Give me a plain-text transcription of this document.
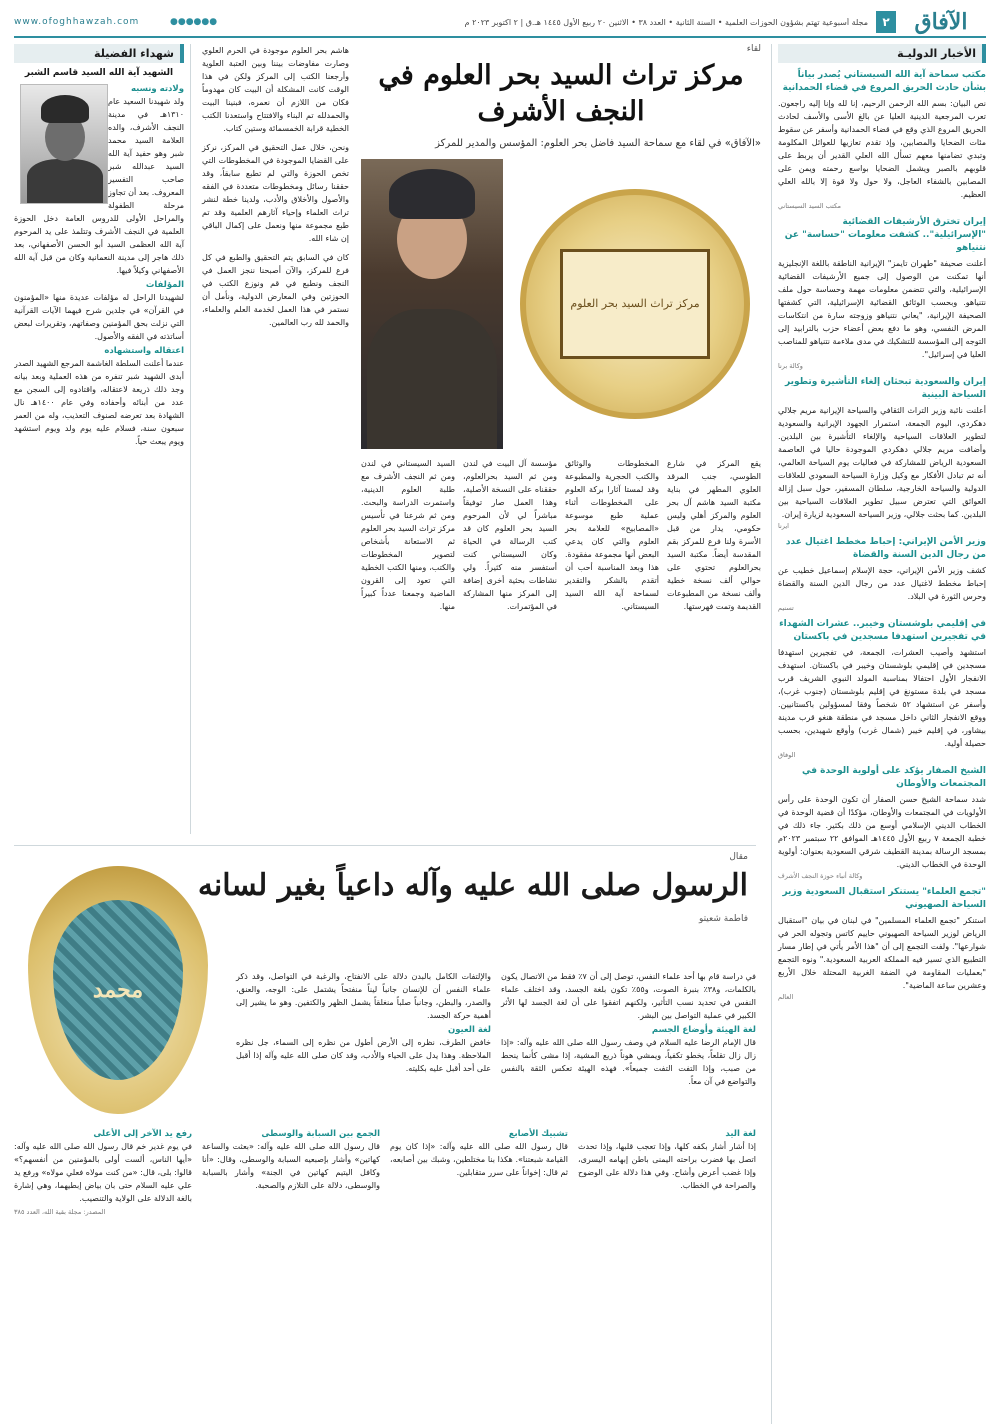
الآفاق
٢
مجلة أسبوعية تهتم بشؤون الحوزات العلمية • السنة الثانية • العدد ٣٨ • الاثنين ٢٠ ربيع الأول ١٤٤٥ هـ.ق | ٢ اكتوبر ٢٠٢٣ م
●●●●●●
www.ofoghhawzah.com
الأخبار الدوليـة
مكتب سماحة آية الله السيستاني يُصدر بياناً بشأن حادث الحريق المروع في قضاء الحمدانية

نص البيان: بسم الله الرحمن الرحيم، إنا لله وإنا إليه راجعون. تعرب المرجعية الدينية العليا عن بالغ الأسى والأسف لحادث الحريق المروع الذي وقع في قضاء الحمدانية وأسفر عن سقوط مئات الضحايا والمصابين، وإذ تقدم تعازيها للعوائل المكلومة وتبدي تضامنها معهم تسأل الله العلي القدير أن يربط على قلوبهم بالصبر ويشمل الضحايا بواسع رحمته ويمن على المصابين بالشفاء العاجل، ولا حول ولا قوة إلا بالله العلي العظيم.

مكتب السيد السيستاني
إيران تخترق الأرشيفات القضائية "الإسرائيلية".. كشفت معلومات "حساسة" عن نتنياهو

أعلنت صحيفة "طهران تايمز" الإيرانية الناطقة باللغة الإنجليزية أنها تمكنت من الوصول إلى جميع الأرشيفات القضائية الإسرائيلية، والتي تتضمن معلومات مهمة وحساسة حول ملف نتنياهو. وبحسب الوثائق القضائية الإسرائيلية، التي كشفتها الصحيفة الإيرانية، "يعاني نتنياهو وزوجته سارة من انتكاسات المرض النفسي، وهو ما دفع بعض أعضاء حزب بالترابيد إلى التوجه إلى المؤسسة للتشكيك في مدى ملاءمة نتنياهو للمناصب العليا في إسرائيل".

وكالة برنا
إيران والسعودية تبحثان إلغاء التأشيرة وتطوير السياحة البينية

أعلنت نائبة وزير التراث الثقافي والسياحة الإيرانية مريم جلالي دهكردي، اليوم الجمعة، استمرار الجهود الإيرانية والسعودية لتطوير العلاقات السياحية والإلغاء التأشيرة بين البلدين. وأضافت مريم جلالي دهكردي الموجودة حاليا في العاصمة السعودية الرياض للمشاركة في فعاليات يوم السياحة العالمي، أنه تم تبادل الأفكار مع وكيل وزارة السياحة السعودي للعلاقات الدولية والسياحة الخارجية، سلطان المسفير، حول سبل إزالة العوائق التي تعترض سبيل تطوير العلاقات السياحية بين البلدين. كما بحثت جلالي، وزير السياحة السعودية لزيارة إيران.

ايرنا
وزير الأمن الإيراني: إحباط مخطط اغتيال عدد من رجال الدين السنة والقضاة

كشف وزير الأمن الإيراني، حجة الإسلام إسماعيل خطيب عن إحباط مخطط لاغتيال عدد من رجال الدين السنة والقضاة وحرس الثورة في البلاد.

تسنيم
في إقليمي بلوشستان وخيبر.. عشرات الشهداء في تفجيرين استهدفا مسجدين في باكستان

استشهد وأصيب العشرات، الجمعة، في تفجيرين استهدفا مسجدين في إقليمي بلوشستان وخيبر في باكستان. استهدف الانفجار الأول احتفالا بمناسبة المولد النبوي الشريف قرب مسجد في بلدة مستونغ في إقليم بلوشستان (جنوب غرب)، وأسفر عن استشهاد ٥٢ شخصاً وفقا لمسؤولين باكستانيين. ووقع الانفجار الثاني داخل مسجد في منطقة هنغو قرب مدينة بيشاور، في إقليم خيبر (شمال غرب) وأوقع شهيدين، بحسب حصيلة أولية.

الوفاق
الشيخ الصفار يؤكد على أولوية الوحدة في المجتمعات والأوطان

شدد سماحة الشيخ حسن الصفار أن تكون الوحدة على رأس الأولويات في المجتمعات والأوطان، مؤكدًا أن قضية الوحدة في الخطاب الديني الإسلامي أوسع من ذلك بكثير. جاء ذلك في خطبة الجمعة ٧ ربيع الأول ١٤٤٥هـ الموافق ٢٢ سبتمبر ٢٠٢٣م بمسجد الرسالة بمدينة القطيف شرقي السعودية بعنوان: أولوية الوحدة في الخطاب الديني.

وكالة أنباء حوزة النجف الأشرف
"تجمع العلماء" يستنكر استقبال السعودية وزير السياحة الصهيوني

استنكر "تجمع العلماء المسلمين" في لبنان في بيان "استقبال الرياض لوزير السياحة الصهيوني حاييم كاتس وتجوله الحر في شوارعها". ولفت التجمع إلى أن "هذا الأمر يأتي في إطار مسار التطبيع الذي تسير فيه المملكة العربية السعودية." ونوه التجمع "بعمليات المقاومة في الضفة الغربية المحتلة خلال الأربع وعشرين ساعة الماضية".

العالم
لقاء
مركز تراث السيد بحر العلوم في النجف الأشرف
«الآفاق» في لقاء مع سماحة السيد فاضل بحر العلوم: المؤسس والمدير للمركز
مركز تراث السيد بحر العلوم

يقع المركز في شارع الطوسي، جنب المرقد العلوي المطهر في بناية مكتبة السيد هاشم آل بحر العلوم والمركز أهلي وليس حكومي، يدار من قبل الأسرة ولنا فرع للمركز بقم المقدسة أيضاً. مكتبة السيد بحرالعلوم تحتوي على حوالي ألف نسخة خطية وألف نسخة من المطبوعات القديمة وتمت فهرستها.

المخطوطات والوثائق والكتب الحجرية والمطبوعة وقد لمستا آثارا بركة العلوم على المخطوطات أثناء عملية طبع موسوعة «المصابيح» للعلامة بحر العلوم والتي كان يدعي البعض أنها مجموعة مفقودة. هذا وبعد المناسبة أحب أن أتقدم بالشكر والتقدير لسماحة آية الله السيد السيستاني.

مؤسسة آل البيت في لندن ومن ثم السيد بحرالعلوم، حققناه على النسخة الأصلية، وهذا العمل صار توفيقاً مباشراً لي لأن المرحوم السيد بحر العلوم كان قد كتب الرسالة في الحياة وكان السيستاني كنت أستفسر منه كثيراً. ولي نشاطات بحثية أخرى إضافة إلى المركز منها المشاركة في المؤتمرات.

السيد السيستاني في لندن ومن ثم النجف الأشرف مع طلبة العلوم الدينية، واستمرت الدراسة والبحث. ومن ثم شرعنا في تأسيس مركز تراث السيد بحر العلوم ثم الاستعانة بأشخاص لتصوير المخطوطات والكتب، ومنها الكتب الخطية التي تعود إلى القرون الماضية وجمعنا عدداً كبيراً منها.

هاشم بحر العلوم موجودة في الحرم العلوي وصارت مفاوضات بيننا وبين العتبة العلوية وأرجعنا الكتب إلى المركز ولكن في هذا الوقت كانت المشكلة أن البيت كان مهدوماً فكان من اللازم أن نعمره، فبنينا البيت والحمدلله تم البناء والافتتاح واستعدنا الكتب الخطية قرابة الخمسمائة وستين كتاب.

ونحن، خلال عمل التحقيق في المركز، نركز على القضايا الموجودة في المخطوطات التي تخص الحوزة والتي لم تطبع سابقاً، وقد حققنا رسائل ومخطوطات متعددة في الفقه والأصول والأخلاق والأدب، ولدينا خطة لنشر تراث العلماء وإحياء آثارهم العلمية وقد تم طبع مجموعة منها ونعمل على إكمال الباقي إن شاء الله.

كان في السابق يتم التحقيق والطبع في كل فرع للمركز، والآن أصبحنا ننجز العمل في النجف ونطبع في قم ونوزع الكتب في الحوزتين وفي المعارض الدولية، ونأمل أن نستمر في هذا العمل لخدمة العلم والعلماء، والحمد لله رب العالمين.

شهداء الفضيلة
الشهيد آية الله السيد قاسم الشبر
ولادته ونسبه

ولد شهيدنا السعيد عام ١٣١٠هـ في مدينة النجف الأشرف، والده العلامة السيد محمد شبر وهو حفيد آية الله السيد عبدالله شبر صاحب التفسير المعروف. بعد أن تجاوز مرحلة الطفولة والمراحل الأولى للدروس العامة دخل الحوزة العلمية في النجف الأشرف وتتلمذ على يد المرحوم آية الله العظمى السيد أبو الحسن الأصفهاني، بعد ذلك هاجر إلى مدينة النعمانية وكان من قبل آية الله الأصفهاني وكيلاً فيها.

المؤلفات

لشهيدنا الراحل له مؤلفات عديدة منها «المؤمنون في القرآن» في جلدين شرح فيهما الآيات القرآنية التي نزلت بحق المؤمنين وصفاتهم، وتقريرات لبعض أساتذته في الفقه والأصول.

اعتقاله واستشهاده

عندما أعلنت السلطة الغاشمة المرجع الشهيد الصدر أبدى الشهيد شبر تنفره من هذه العملية وبعد بيانه وجد ذلك ذريعة لاعتقاله، واقتادوه إلى السجن مع عدد من أبنائه وأحفاده وفي عام ١٤٠٠هـ نال الشهادة بعد تعرضه لصنوف التعذيب، وله من العمر سبعون سنة، فسلام عليه يوم ولد ويوم استشهد ويوم يبعث حياً.

مقال
الرسول صلى الله عليه وآله داعياً بغير لسانه
فاطمة شعيتو
محمد

في دراسة قام بها أحد علماء النفس، توصل إلى أن ٧٪ فقط من الاتصال يكون بالكلمات، و٣٨٪ بنبرة الصوت، و٥٥٪ تكون بلغة الجسد، وقد اختلف علماء النفس في تحديد نسب التأثير، ولكنهم اتفقوا على أن لغة الجسد لها الأثر الكبير في عملية التواصل بين البشر.

لغة الهيئة وأوضاع الجسم

قال الإمام الرضا عليه السلام في وصف رسول الله صلى الله عليه وآله: «إذا زال زال تقلعاً، يخطو تكفياً، ويمشي هوناً ذريع المشية، إذا مشى كأنما ينحط من صبب، وإذا التفت التفت جميعاً». فهذه الهيئة تعكس الثقة بالنفس والتواضع في آن معاً.

والإلتفات الكامل بالبدن دلالة على الانفتاح، والرغبة في التواصل، وقد ذكر علماء النفس أن للإنسان جانباً ليناً منفتحاً يشتمل على: الوجه، والعنق، والصدر، والبطن، وجانباً صلباً منغلقاً يشمل الظهر والكتفين. وهو ما يشير إلى أهمية حركة الجسد.

لغة العيون

خافض الطرف، نظره إلى الأرض أطول من نظره إلى السماء، جل نظره الملاحظة. وهذا يدل على الحياء والأدب، وقد كان صلى الله عليه وآله إذا أقبل على أحد أقبل عليه بكليته.

لغة اليد

إذا أشار أشار بكفه كلها، وإذا تعجب قلبها، وإذا تحدث اتصل بها فضرب براحته اليمنى باطن إبهامه اليسرى، وإذا غضب أعرض وأشاح. وفي هذا دلالة على الوضوح والصراحة في الخطاب.

تشبيك الأصابع

قال رسول الله صلى الله عليه وآله: «إذا كان يوم القيامة شبعتنا». هكذا بنا مختلطين، وشبك بين أصابعه، ثم قال: إخواناً على سرر متقابلين.

الجمع بين السبابة والوسطى

قال رسول الله صلى الله عليه وآله: «بعثت والساعة كهاتين» وأشار بإصبعيه السبابة والوسطى، وقال: «أنا وكافل اليتيم كهاتين في الجنة» وأشار بالسبابة والوسطى، دلالة على التلازم والصحبة.

رفع يد الآخر إلى الأعلى

في يوم غدير خم قال رسول الله صلى الله عليه وآله: «أيها الناس، ألست أولى بالمؤمنين من أنفسهم؟» قالوا: بلى، قال: «من كنت مولاه فعلي مولاه» ورفع يد علي عليه السلام حتى بان بياض إبطيهما، وهي إشارة بالغة الدلالة على الولاية والتنصيب.

المصدر: مجلة بقية الله، العدد ٣٨٥
